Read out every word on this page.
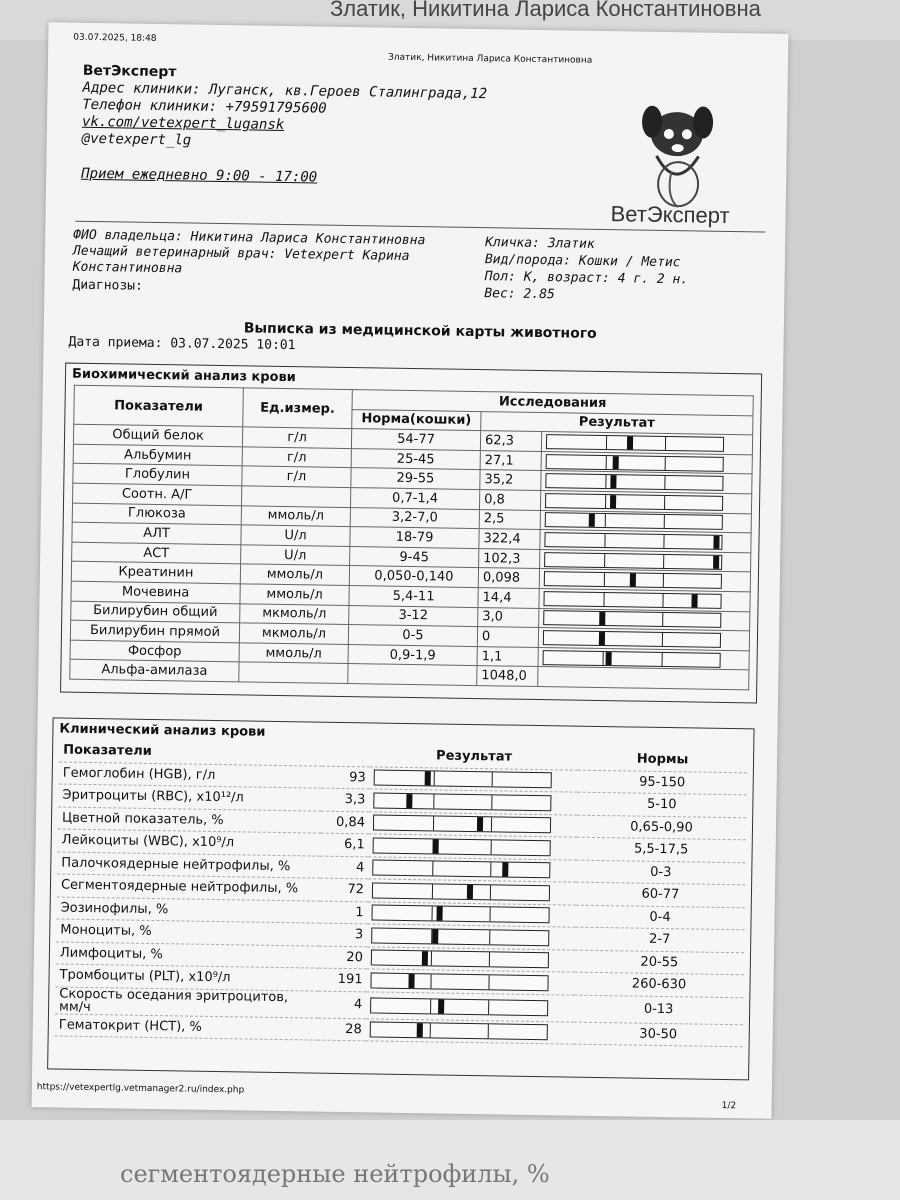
Златик, Никитина Лариса Константиновна
03.07.2025, 18:48
Златик, Никитина Лариса Константиновна
ВетЭксперт
Адрес клиники: Луганск, кв.Героев Сталинграда,12
Телефон клиники: +79591795600
vk.com/vetexpert_lugansk
@vetexpert_lg
Прием ежедневно 9:00 - 17:00
ВетЭксперт
ФИО владельца: Никитина Лариса Константиновна
Лечащий ветеринарный врач: Vetexpert Карина Константиновна
Кличка: Златик
Вид/порода: Кошки / Метис
Пол: К, возраст: 4 г. 2 н.
Вес: 2.85
Диагнозы:
Выписка из медицинской карты животного
Дата приема: 03.07.2025 10:01
Биохимический анализ крови
Показатели	Ед.измер.	Исследования		
		Норма(кошки)	Результат	
Общий белок	г/л	54-77	62,3	

Альбумин	г/л	25-45	27,1	

Глобулин	г/л	29-55	35,2	

Соотн. А/Г		0,7-1,4	0,8	

Глюкоза	ммоль/л	3,2-7,0	2,5	

АЛТ	U/л	18-79	322,4	

АСТ	U/л	9-45	102,3	

Креатинин	ммоль/л	0,050-0,140	0,098	

Мочевина	ммоль/л	5,4-11	14,4	

Билирубин общий	мкмоль/л	3-12	3,0	

Билирубин прямой	мкмоль/л	0-5	0	

Фосфор	ммоль/л	0,9-1,9	1,1	

Альфа-амилаза			1048,0	
Клинический анализ крови
Показатели		Результат	Нормы
Гемоглобин (HGB), г/л	93		95-150
Эритроциты (RBC), x10¹²/л	3,3		5-10
Цветной показатель, %	0,84		0,65-0,90
Лейкоциты (WBC), x10⁹/л	6,1		5,5-17,5
Палочкоядерные нейтрофилы, %	4		0-3
Сегментоядерные нейтрофилы, %	72		60-77
Эозинофилы, %	1		0-4
Моноциты, %	3		2-7
Лимфоциты, %	20		20-55
Тромбоциты (PLT), x10⁹/л	191		260-630
Скорость оседания эритроцитов, мм/ч	4		0-13
Гематокрит (HCT), %	28		30-50
https://vetexpertlg.vetmanager2.ru/index.php
1/2
сегментоядерные нейтрофилы, %
